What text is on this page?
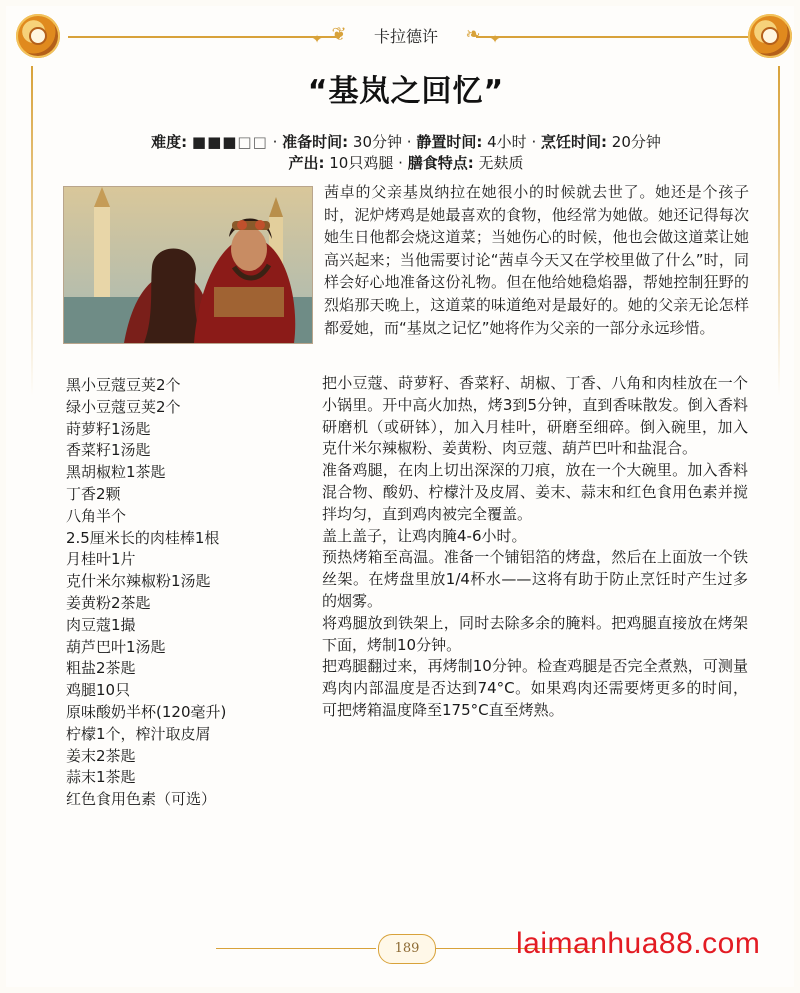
✦ ❦	❧ ✦
卡拉德许
“基岚之回忆”
难度: ■■■□□ · 准备时间: 30分钟 · 静置时间: 4小时 · 烹饪时间: 20分钟
产出: 10只鸡腿 · 膳食特点: 无麸质
茜卓的父亲基岚纳拉在她很小的时候就去世了。她还是个孩子时，泥炉烤鸡是她最喜欢的食物，他经常为她做。她还记得每次她生日他都会烧这道菜；当她伤心的时候，他也会做这道菜让她高兴起来；当他需要讨论“茜卓今天又在学校里做了什么”时，同样会好心地准备这份礼物。但在他给她稳焰器，帮她控制狂野的烈焰那天晚上，这道菜的味道绝对是最好的。她的父亲无论怎样都爱她，而“基岚之记忆”她将作为父亲的一部分永远珍惜。
黑小豆蔻豆荚2个
绿小豆蔻豆荚2个
莳萝籽1汤匙
香菜籽1汤匙
黑胡椒粒1茶匙
丁香2颗
八角半个
2.5厘米长的肉桂棒1根
月桂叶1片
克什米尔辣椒粉1汤匙
姜黄粉2茶匙
肉豆蔻1撮
葫芦巴叶1汤匙
粗盐2茶匙
鸡腿10只
原味酸奶半杯(120毫升)
柠檬1个，榨汁取皮屑
姜末2茶匙
蒜末1茶匙
红色食用色素（可选）

把小豆蔻、莳萝籽、香菜籽、胡椒、丁香、八角和肉桂放在一个小锅里。开中高火加热，烤3到5分钟，直到香味散发。倒入香料研磨机（或研钵），加入月桂叶，研磨至细碎。倒入碗里，加入克什米尔辣椒粉、姜黄粉、肉豆蔻、葫芦巴叶和盐混合。

准备鸡腿，在肉上切出深深的刀痕，放在一个大碗里。加入香料混合物、酸奶、柠檬汁及皮屑、姜末、蒜末和红色食用色素并搅拌均匀，直到鸡肉被完全覆盖。

盖上盖子，让鸡肉腌4-6小时。

预热烤箱至高温。准备一个铺铝箔的烤盘，然后在上面放一个铁丝架。在烤盘里放1/4杯水——这将有助于防止烹饪时产生过多的烟雾。

将鸡腿放到铁架上，同时去除多余的腌料。把鸡腿直接放在烤架下面，烤制10分钟。

把鸡腿翻过来，再烤制10分钟。检查鸡腿是否完全煮熟，可测量鸡肉内部温度是否达到74°C。如果鸡肉还需要烤更多的时间，可把烤箱温度降至175°C直至烤熟。

189	laimanhua88.com
